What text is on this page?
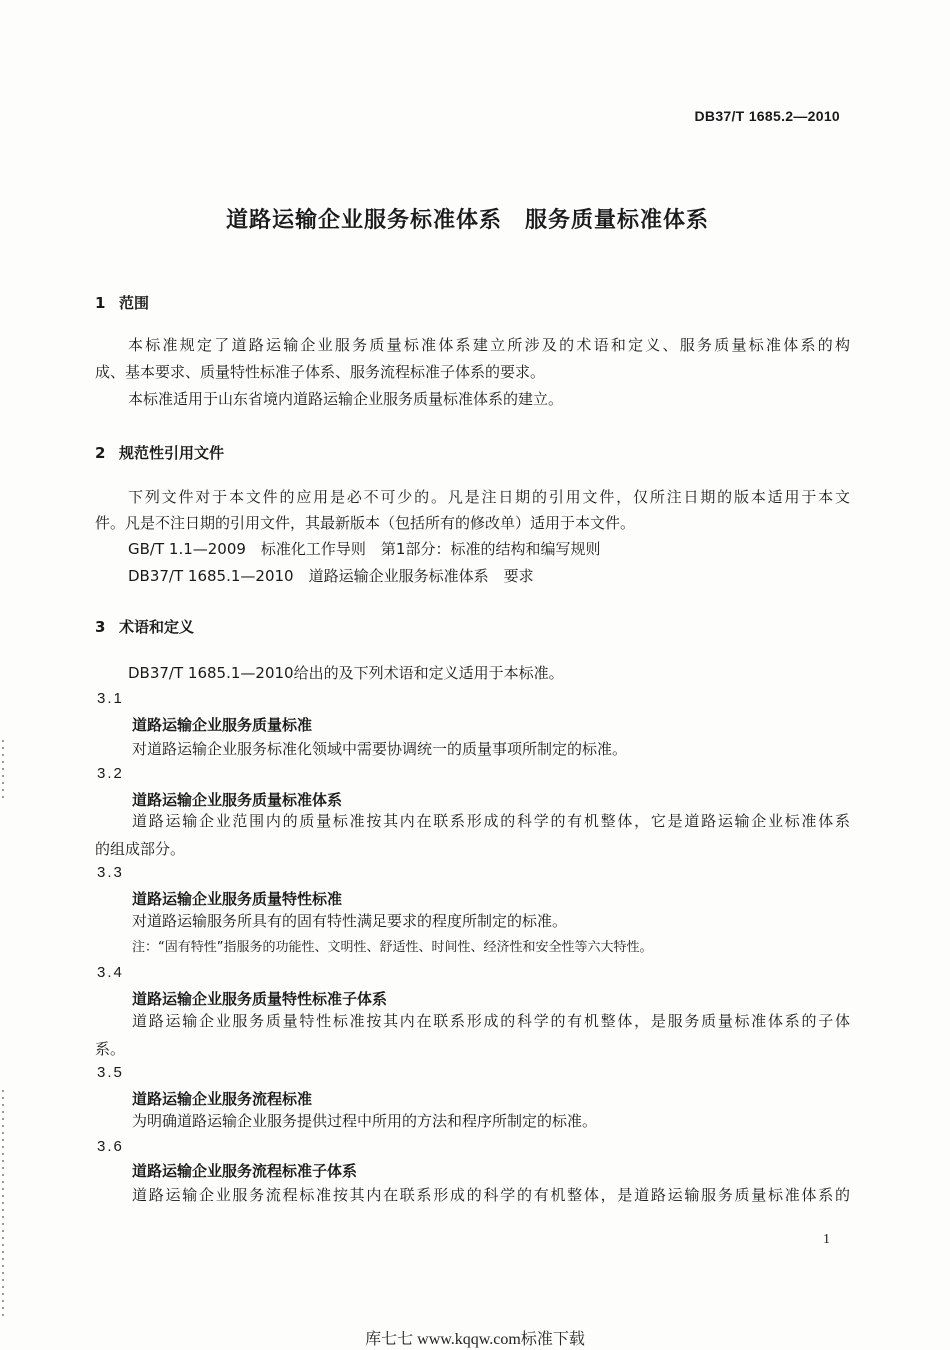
DB37/T 1685.2—2010
道路运输企业服务标准体系　服务质量标准体系
1 范围
本标准规定了道路运输企业服务质量标准体系建立所涉及的术语和定义、服务质量标准体系的构
成、基本要求、质量特性标准子体系、服务流程标准子体系的要求。
本标准适用于山东省境内道路运输企业服务质量标准体系的建立。
2 规范性引用文件
下列文件对于本文件的应用是必不可少的。凡是注日期的引用文件，仅所注日期的版本适用于本文
件。凡是不注日期的引用文件，其最新版本（包括所有的修改单）适用于本文件。
GB/T 1.1—2009　标准化工作导则　第1部分：标准的结构和编写规则
DB37/T 1685.1—2010　道路运输企业服务标准体系　要求
3 术语和定义
DB37/T 1685.1—2010给出的及下列术语和定义适用于本标准。
3.1
道路运输企业服务质量标准
对道路运输企业服务标准化领域中需要协调统一的质量事项所制定的标准。
3.2
道路运输企业服务质量标准体系
道路运输企业范围内的质量标准按其内在联系形成的科学的有机整体，它是道路运输企业标准体系
的组成部分。
3.3
道路运输企业服务质量特性标准
对道路运输服务所具有的固有特性满足要求的程度所制定的标准。
注：“固有特性”指服务的功能性、文明性、舒适性、时间性、经济性和安全性等六大特性。
3.4
道路运输企业服务质量特性标准子体系
道路运输企业服务质量特性标准按其内在联系形成的科学的有机整体，是服务质量标准体系的子体
系。
3.5
道路运输企业服务流程标准
为明确道路运输企业服务提供过程中所用的方法和程序所制定的标准。
3.6
道路运输企业服务流程标准子体系
道路运输企业服务流程标准按其内在联系形成的科学的有机整体，是道路运输服务质量标准体系的
1
库七七 www.kqqw.com标准下载
